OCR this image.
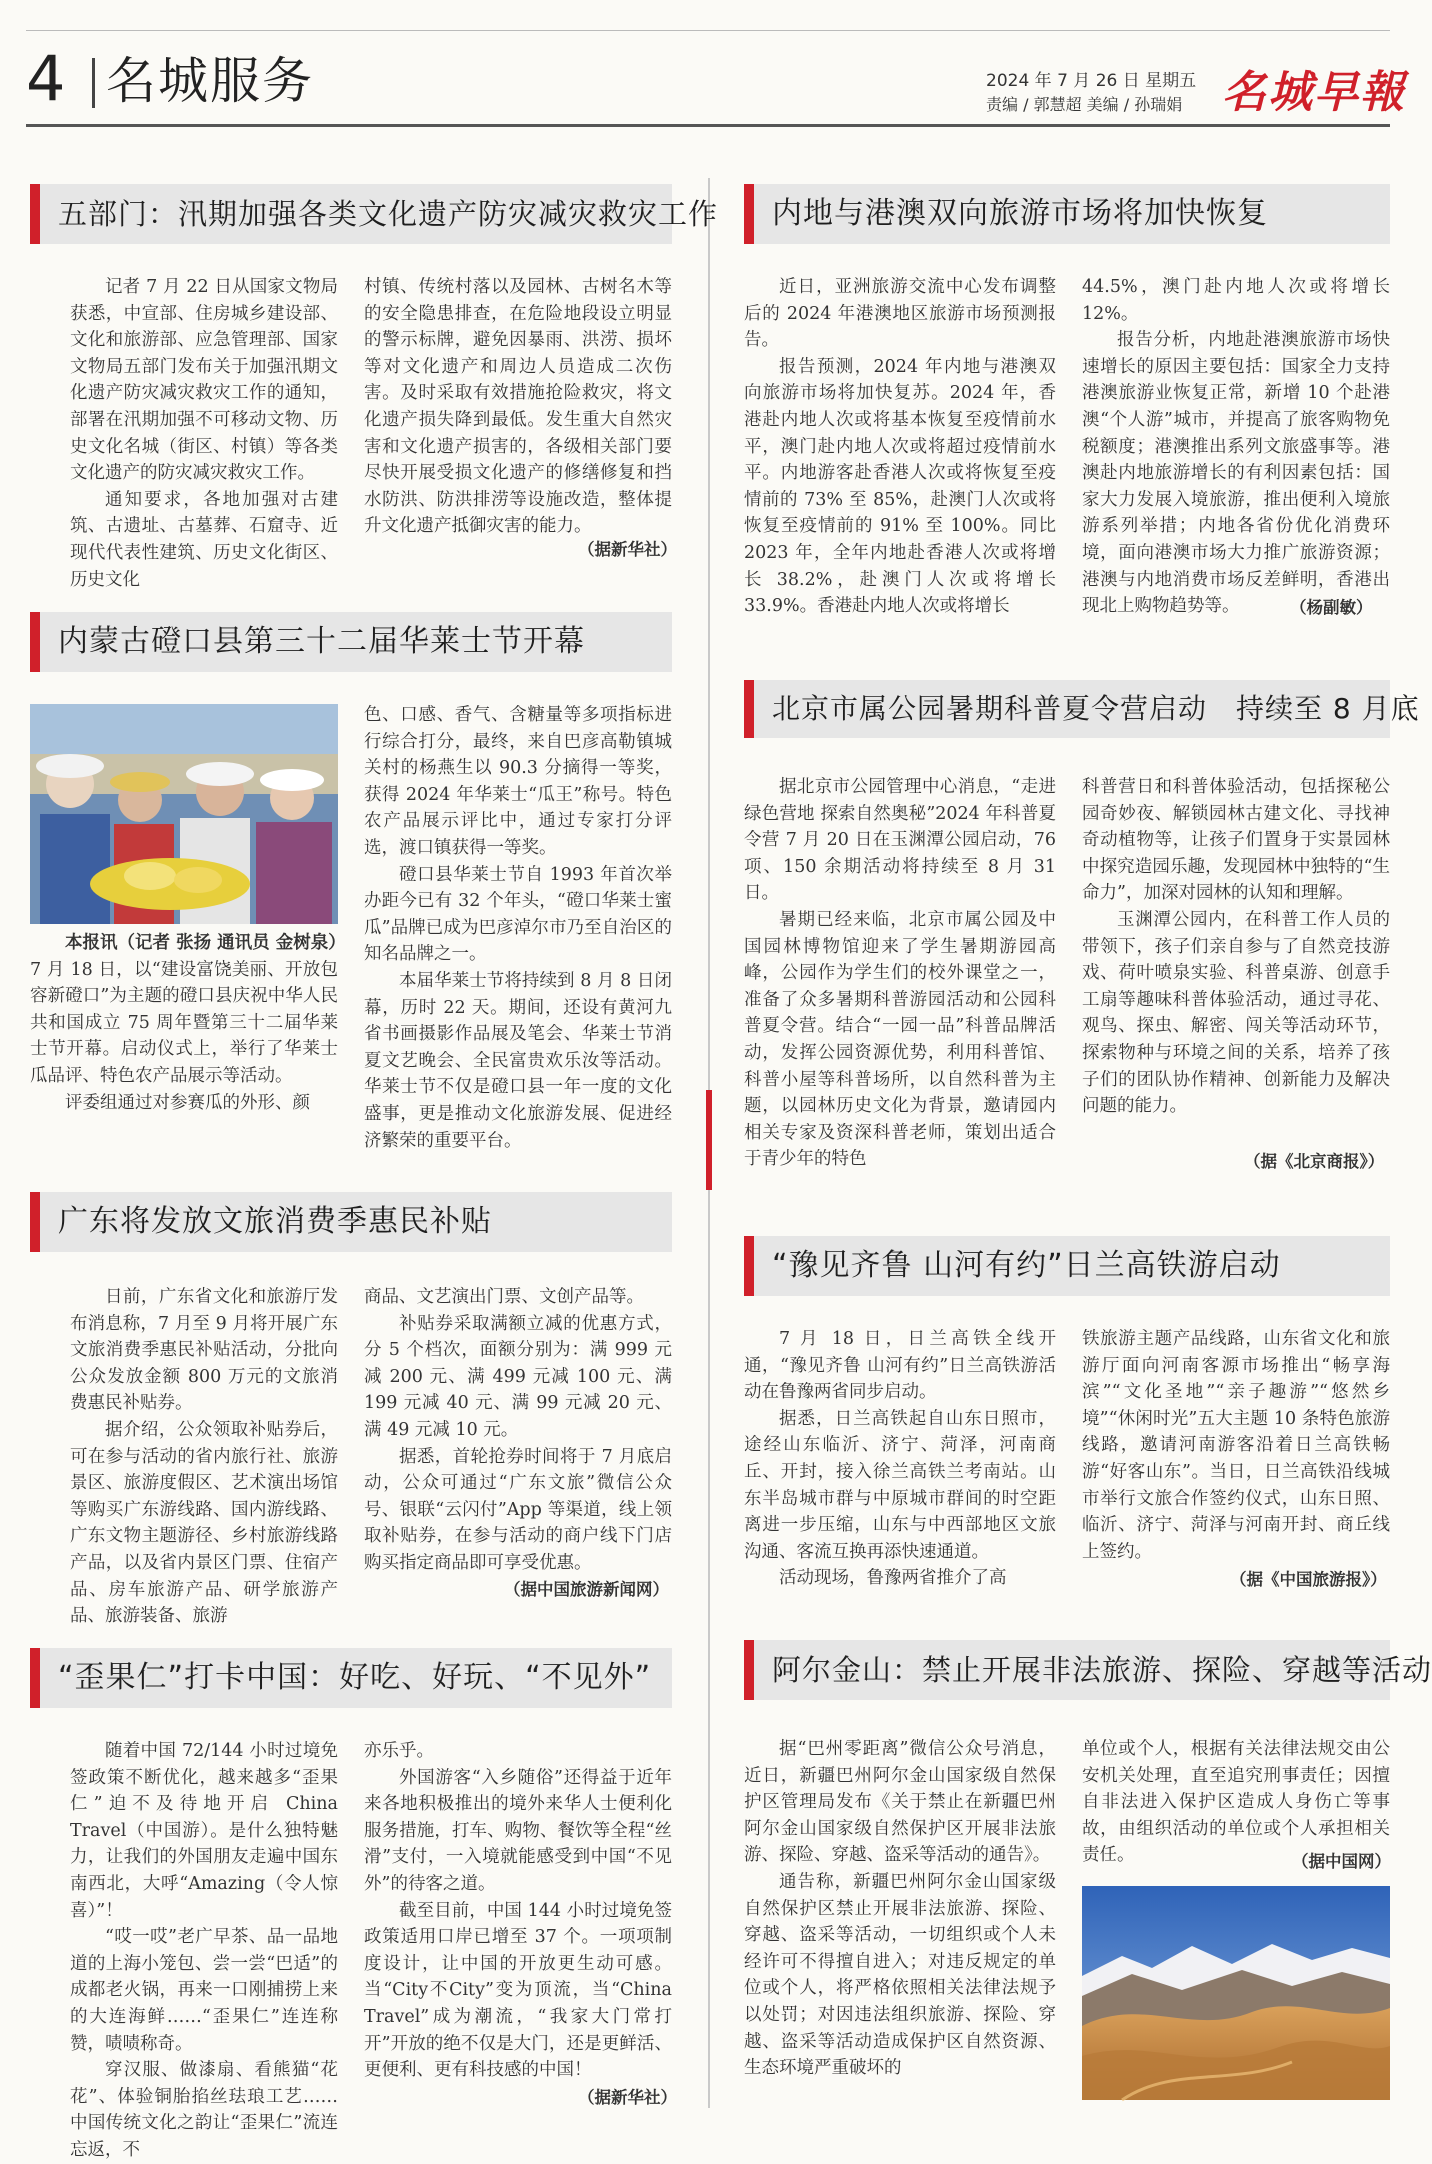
4 名城服务	2024 年 7 月 26 日 星期五
责编 / 郭慧超 美编 / 孙瑞娟 名城早報
五部门：汛期加强各类文化遗产防灾减灾救灾工作

记者 7 月 22 日从国家文物局获悉，中宣部、住房城乡建设部、文化和旅游部、应急管理部、国家文物局五部门发布关于加强汛期文化遗产防灾减灾救灾工作的通知，部署在汛期加强不可移动文物、历史文化名城（街区、村镇）等各类文化遗产的防灾减灾救灾工作。

通知要求，各地加强对古建筑、古遗址、古墓葬、石窟寺、近现代代表性建筑、历史文化街区、历史文化

村镇、传统村落以及园林、古树名木等的安全隐患排查，在危险地段设立明显的警示标牌，避免因暴雨、洪涝、损坏等对文化遗产和周边人员造成二次伤害。及时采取有效措施抢险救灾，将文化遗产损失降到最低。发生重大自然灾害和文化遗产损害的，各级相关部门要尽快开展受损文化遗产的修缮修复和挡水防洪、防洪排涝等设施改造，整体提升文化遗产抵御灾害的能力。

（据新华社）
内蒙古磴口县第三十二届华莱士节开幕

本报讯（记者 张扬 通讯员 金树泉）7 月 18 日，以“建设富饶美丽、开放包容新磴口”为主题的磴口县庆祝中华人民共和国成立 75 周年暨第三十二届华莱士节开幕。启动仪式上，举行了华莱士瓜品评、特色农产品展示等活动。

评委组通过对参赛瓜的外形、颜

色、口感、香气、含糖量等多项指标进行综合打分，最终，来自巴彦高勒镇城关村的杨燕生以 90.3 分摘得一等奖，获得 2024 年华莱士“瓜王”称号。特色农产品展示评比中，通过专家打分评选，渡口镇获得一等奖。

磴口县华莱士节自 1993 年首次举办距今已有 32 个年头，“磴口华莱士蜜瓜”品牌已成为巴彦淖尔市乃至自治区的知名品牌之一。

本届华莱士节将持续到 8 月 8 日闭幕，历时 22 天。期间，还设有黄河九省书画摄影作品展及笔会、华莱士节消夏文艺晚会、全民富贵欢乐汝等活动。华莱士节不仅是磴口县一年一度的文化盛事，更是推动文化旅游发展、促进经济繁荣的重要平台。

广东将发放文旅消费季惠民补贴

日前，广东省文化和旅游厅发布消息称，7 月至 9 月将开展广东文旅消费季惠民补贴活动，分批向公众发放金额 800 万元的文旅消费惠民补贴券。

据介绍，公众领取补贴券后，可在参与活动的省内旅行社、旅游景区、旅游度假区、艺术演出场馆等购买广东游线路、国内游线路、广东文物主题游径、乡村旅游线路产品，以及省内景区门票、住宿产品、房车旅游产品、研学旅游产品、旅游装备、旅游

商品、文艺演出门票、文创产品等。

补贴券采取满额立减的优惠方式，分 5 个档次，面额分别为：满 999 元减 200 元、满 499 元减 100 元、满 199 元减 40 元、满 99 元减 20 元、满 49 元减 10 元。

据悉，首轮抢券时间将于 7 月底启动，公众可通过“广东文旅”微信公众号、银联“云闪付”App 等渠道，线上领取补贴券，在参与活动的商户线下门店购买指定商品即可享受优惠。

（据中国旅游新闻网）
“歪果仁”打卡中国：好吃、好玩、“不见外”

随着中国 72/144 小时过境免签政策不断优化，越来越多“歪果仁”迫不及待地开启 China Travel（中国游）。是什么独特魅力，让我们的外国朋友走遍中国东南西北，大呼“Amazing（令人惊喜）”！

“哎一哎”老广早茶、品一品地道的上海小笼包、尝一尝“巴适”的成都老火锅，再来一口刚捕捞上来的大连海鲜……“歪果仁”连连称赞，啧啧称奇。

穿汉服、做漆扇、看熊猫“花花”、体验铜胎掐丝珐琅工艺……中国传统文化之韵让“歪果仁”流连忘返，不

亦乐乎。

外国游客“入乡随俗”还得益于近年来各地积极推出的境外来华人士便利化服务措施，打车、购物、餐饮等全程“丝滑”支付，一入境就能感受到中国“不见外”的待客之道。

截至目前，中国 144 小时过境免签政策适用口岸已增至 37 个。一项项制度设计，让中国的开放更生动可感。当“City不City”变为顶流，当“China Travel”成为潮流，“我家大门常打开”开放的绝不仅是大门，还是更鲜活、更便利、更有科技感的中国！

（据新华社）
内地与港澳双向旅游市场将加快恢复

近日，亚洲旅游交流中心发布调整后的 2024 年港澳地区旅游市场预测报告。

报告预测，2024 年内地与港澳双向旅游市场将加快复苏。2024 年，香港赴内地人次或将基本恢复至疫情前水平，澳门赴内地人次或将超过疫情前水平。内地游客赴香港人次或将恢复至疫情前的 73% 至 85%，赴澳门人次或将恢复至疫情前的 91% 至 100%。同比 2023 年，全年内地赴香港人次或将增长 38.2%，赴澳门人次或将增长 33.9%。香港赴内地人次或将增长

44.5%，澳门赴内地人次或将增长 12%。

报告分析，内地赴港澳旅游市场快速增长的原因主要包括：国家全力支持港澳旅游业恢复正常，新增 10 个赴港澳“个人游”城市，并提高了旅客购物免税额度；港澳推出系列文旅盛事等。港澳赴内地旅游增长的有利因素包括：国家大力发展入境旅游，推出便利入境旅游系列举措；内地各省份优化消费环境，面向港澳市场大力推广旅游资源；港澳与内地消费市场反差鲜明，香港出现北上购物趋势等。	（杨副敏）
北京市属公园暑期科普夏令营启动　持续至 8 月底

据北京市公园管理中心消息，“走进绿色营地 探索自然奥秘”2024 年科普夏令营 7 月 20 日在玉渊潭公园启动，76 项、150 余期活动将持续至 8 月 31 日。

暑期已经来临，北京市属公园及中国园林博物馆迎来了学生暑期游园高峰，公园作为学生们的校外课堂之一，准备了众多暑期科普游园活动和公园科普夏令营。结合“一园一品”科普品牌活动，发挥公园资源优势，利用科普馆、科普小屋等科普场所，以自然科普为主题，以园林历史文化为背景，邀请园内相关专家及资深科普老师，策划出适合于青少年的特色

科普营日和科普体验活动，包括探秘公园奇妙夜、解锁园林古建文化、寻找神奇动植物等，让孩子们置身于实景园林中探究造园乐趣，发现园林中独特的“生命力”，加深对园林的认知和理解。

玉渊潭公园内，在科普工作人员的带领下，孩子们亲自参与了自然竞技游戏、荷叶喷泉实验、科普桌游、创意手工扇等趣味科普体验活动，通过寻花、观鸟、探虫、解密、闯关等活动环节，探索物种与环境之间的关系，培养了孩子们的团队协作精神、创新能力及解决问题的能力。

（据《北京商报》）
“豫见齐鲁 山河有约”日兰高铁游启动

7 月 18 日，日兰高铁全线开通，“豫见齐鲁 山河有约”日兰高铁游活动在鲁豫两省同步启动。

据悉，日兰高铁起自山东日照市，途经山东临沂、济宁、菏泽，河南商丘、开封，接入徐兰高铁兰考南站。山东半岛城市群与中原城市群间的时空距离进一步压缩，山东与中西部地区文旅沟通、客流互换再添快速通道。

活动现场，鲁豫两省推介了高

铁旅游主题产品线路，山东省文化和旅游厅面向河南客源市场推出“畅享海滨”“文化圣地”“亲子趣游”“悠然乡境”“休闲时光”五大主题 10 条特色旅游线路，邀请河南游客沿着日兰高铁畅游“好客山东”。当日，日兰高铁沿线城市举行文旅合作签约仪式，山东日照、临沂、济宁、菏泽与河南开封、商丘线上签约。

（据《中国旅游报》）
阿尔金山：禁止开展非法旅游、探险、穿越等活动

据“巴州零距离”微信公众号消息，近日，新疆巴州阿尔金山国家级自然保护区管理局发布《关于禁止在新疆巴州阿尔金山国家级自然保护区开展非法旅游、探险、穿越、盗采等活动的通告》。

通告称，新疆巴州阿尔金山国家级自然保护区禁止开展非法旅游、探险、穿越、盗采等活动，一切组织或个人未经许可不得擅自进入；对违反规定的单位或个人，将严格依照相关法律法规予以处罚；对因违法组织旅游、探险、穿越、盗采等活动造成保护区自然资源、生态环境严重破坏的

单位或个人，根据有关法律法规交由公安机关处理，直至追究刑事责任；因擅自非法进入保护区造成人身伤亡等事故，由组织活动的单位或个人承担相关责任。	（据中国网）
